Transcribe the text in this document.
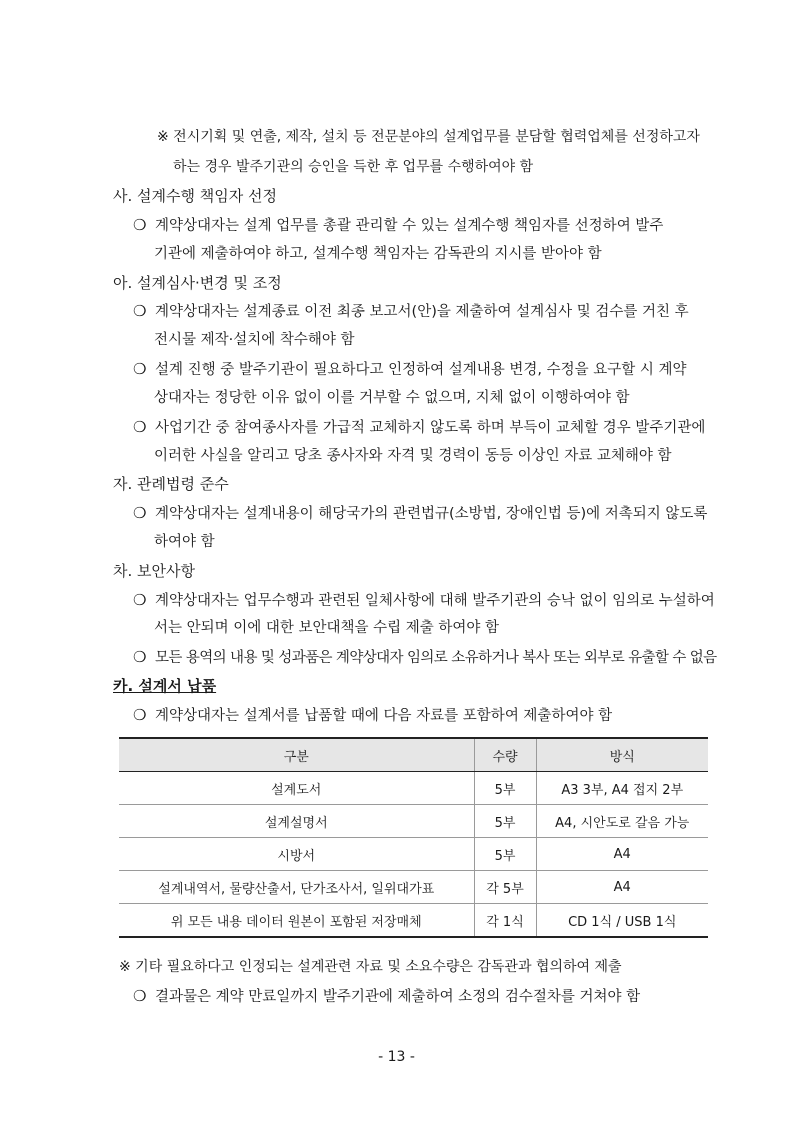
※ 전시기획 및 연출, 제작, 설치 등 전문분야의 설계업무를 분담할 협력업체를 선정하고자
하는 경우 발주기관의 승인을 득한 후 업무를 수행하여야 함
사. 설계수행 책임자 선정
❍ 계약상대자는 설계 업무를 총괄 관리할 수 있는 설계수행 책임자를 선정하여 발주
기관에 제출하여야 하고, 설계수행 책임자는 감독관의 지시를 받아야 함
아. 설계심사·변경 및 조정
❍ 계약상대자는 설계종료 이전 최종 보고서(안)을 제출하여 설계심사 및 검수를 거친 후
전시물 제작·설치에 착수해야 함
❍ 설계 진행 중 발주기관이 필요하다고 인정하여 설계내용 변경, 수정을 요구할 시 계약
상대자는 정당한 이유 없이 이를 거부할 수 없으며, 지체 없이 이행하여야 함
❍ 사업기간 중 참여종사자를 가급적 교체하지 않도록 하며 부득이 교체할 경우 발주기관에
이러한 사실을 알리고 당초 종사자와 자격 및 경력이 동등 이상인 자료 교체해야 함
자. 관례법령 준수
❍ 계약상대자는 설계내용이 해당국가의 관련법규(소방법, 장애인법 등)에 저촉되지 않도록
하여야 함
차. 보안사항
❍ 계약상대자는 업무수행과 관련된 일체사항에 대해 발주기관의 승낙 없이 임의로 누설하여
서는 안되며 이에 대한 보안대책을 수립 제출 하여야 함
❍ 모든 용역의 내용 및 성과품은 계약상대자 임의로 소유하거나 복사 또는 외부로 유출할 수 없음
카. 설계서 납품
❍ 계약상대자는 설계서를 납품할 때에 다음 자료를 포함하여 제출하여야 함
구분	수량	방식
설계도서	5부	A3 3부, A4 접지 2부
설계설명서	5부	A4, 시안도로 갈음 가능
시방서	5부	A4
설계내역서, 물량산출서, 단가조사서, 일위대가표	각 5부	A4
위 모든 내용 데이터 원본이 포함된 저장매체	각 1식	CD 1식 / USB 1식
※ 기타 필요하다고 인정되는 설계관련 자료 및 소요수량은 감독관과 협의하여 제출
❍ 결과물은 계약 만료일까지 발주기관에 제출하여 소정의 검수절차를 거쳐야 함
- 13 -
